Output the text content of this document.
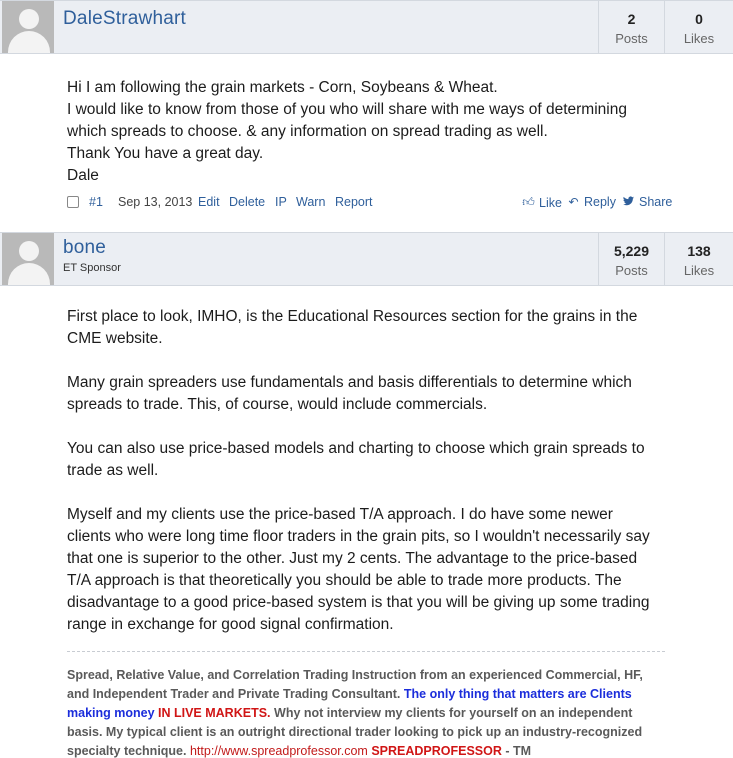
DaleStrawhart	2
Posts
0
Likes

Hi I am following the grain markets - Corn, Soybeans & Wheat.

I would like to know from those of you who will share with me ways of determining

which spreads to choose. & any information on spread trading as well.

Thank You have a great day.

Dale

#1 Sep 13, 2013 Edit Delete IP Warn Report	👍︎ Like ↶ Reply Share
bone
ET Sponsor
5,229
Posts
138
Likes

First place to look, IMHO, is the Educational Resources section for the grains in the

CME website.

Many grain spreaders use fundamentals and basis differentials to determine which

spreads to trade. This, of course, would include commercials.

You can also use price-based models and charting to choose which grain spreads to

trade as well.

Myself and my clients use the price-based T/A approach. I do have some newer

clients who were long time floor traders in the grain pits, so I wouldn't necessarily say

that one is superior to the other. Just my 2 cents. The advantage to the price-based

T/A approach is that theoretically you should be able to trade more products. The

disadvantage to a good price-based system is that you will be giving up some trading

range in exchange for good signal confirmation.

Spread, Relative Value, and Correlation Trading Instruction from an experienced Commercial, HF, and Independent Trader and Private Trading Consultant. The only thing that matters are Clients making money IN LIVE MARKETS. Why not interview my clients for yourself on an independent basis. My typical client is an outright directional trader looking to pick up an industry-recognized specialty technique. http://www.spreadprofessor.com SPREADPROFESSOR - TM
